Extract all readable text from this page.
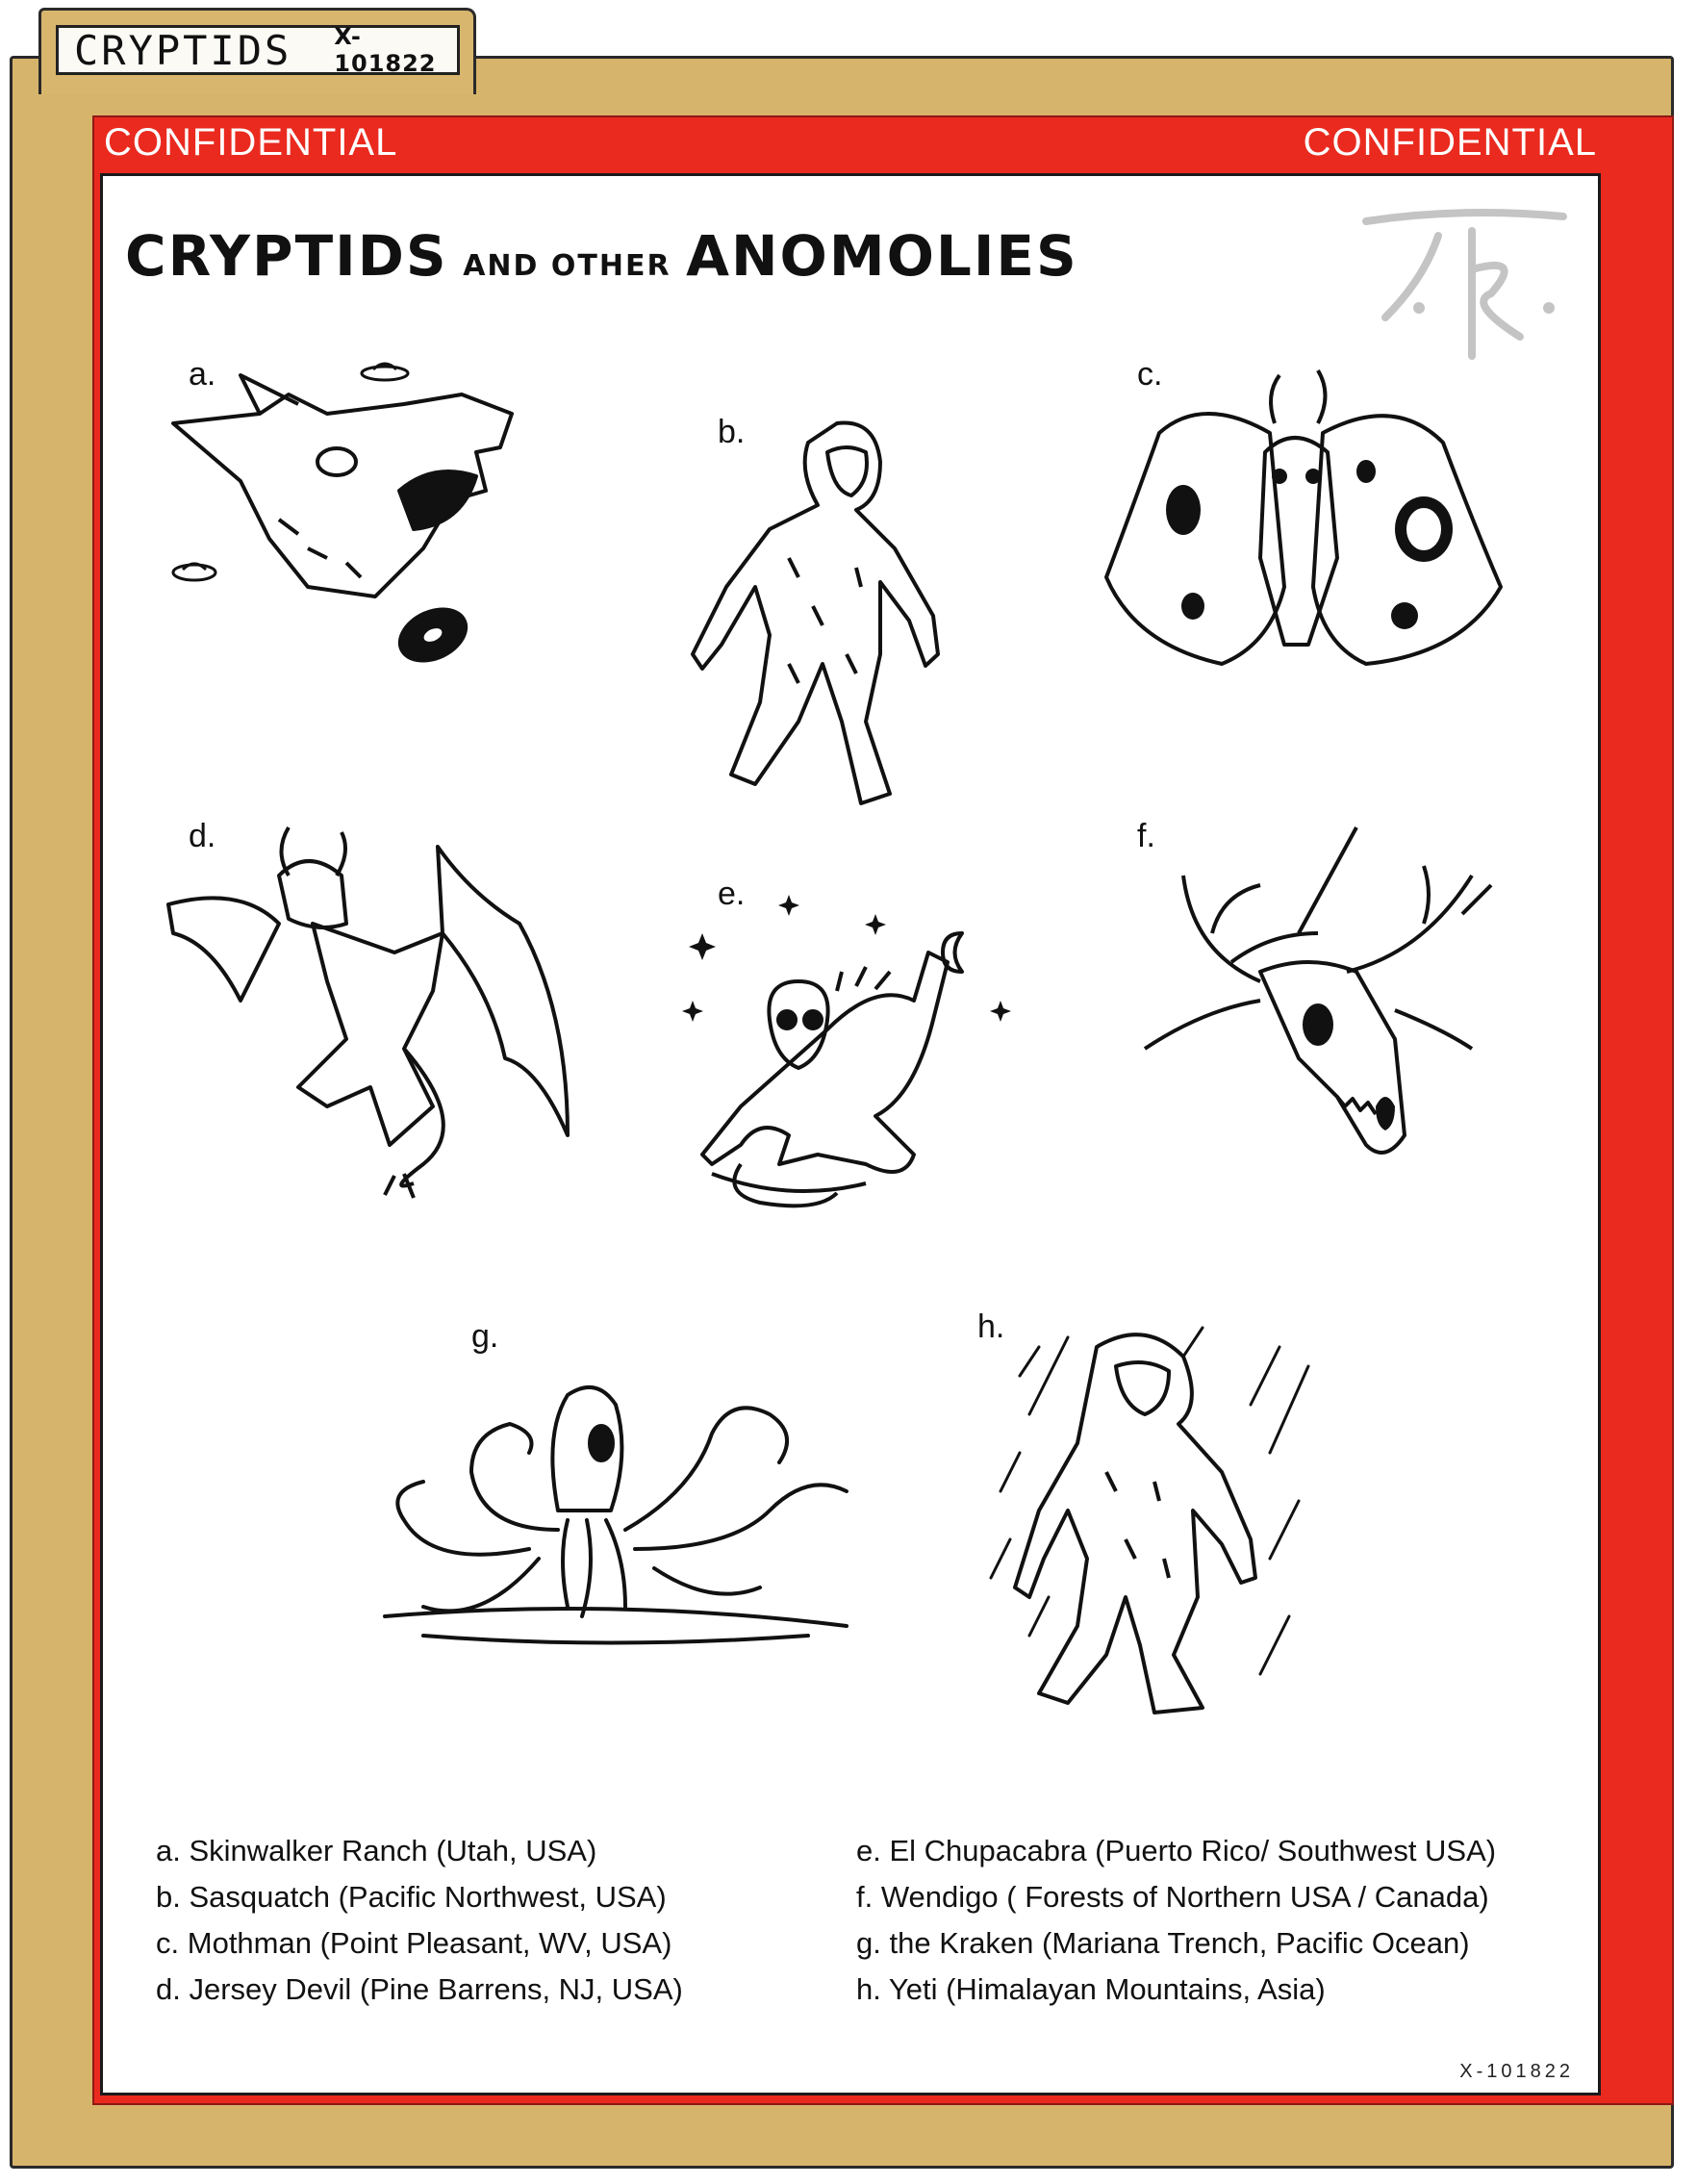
CRYPTIDS X-101822
CONFIDENTIAL	CONFIDENTIAL
CRYPTIDS AND OTHER ANOMOLIES
a.
b.
c.
d.
e.
f.
g.	h.
a. Skinwalker Ranch (Utah, USA)
b. Sasquatch (Pacific Northwest, USA)
c. Mothman (Point Pleasant, WV, USA)
d. Jersey Devil (Pine Barrens, NJ, USA)
e. El Chupacabra (Puerto Rico/ Southwest USA)
f. Wendigo ( Forests of Northern USA / Canada)
g. the Kraken (Mariana Trench, Pacific Ocean)
h. Yeti (Himalayan Mountains, Asia)
X-101822
